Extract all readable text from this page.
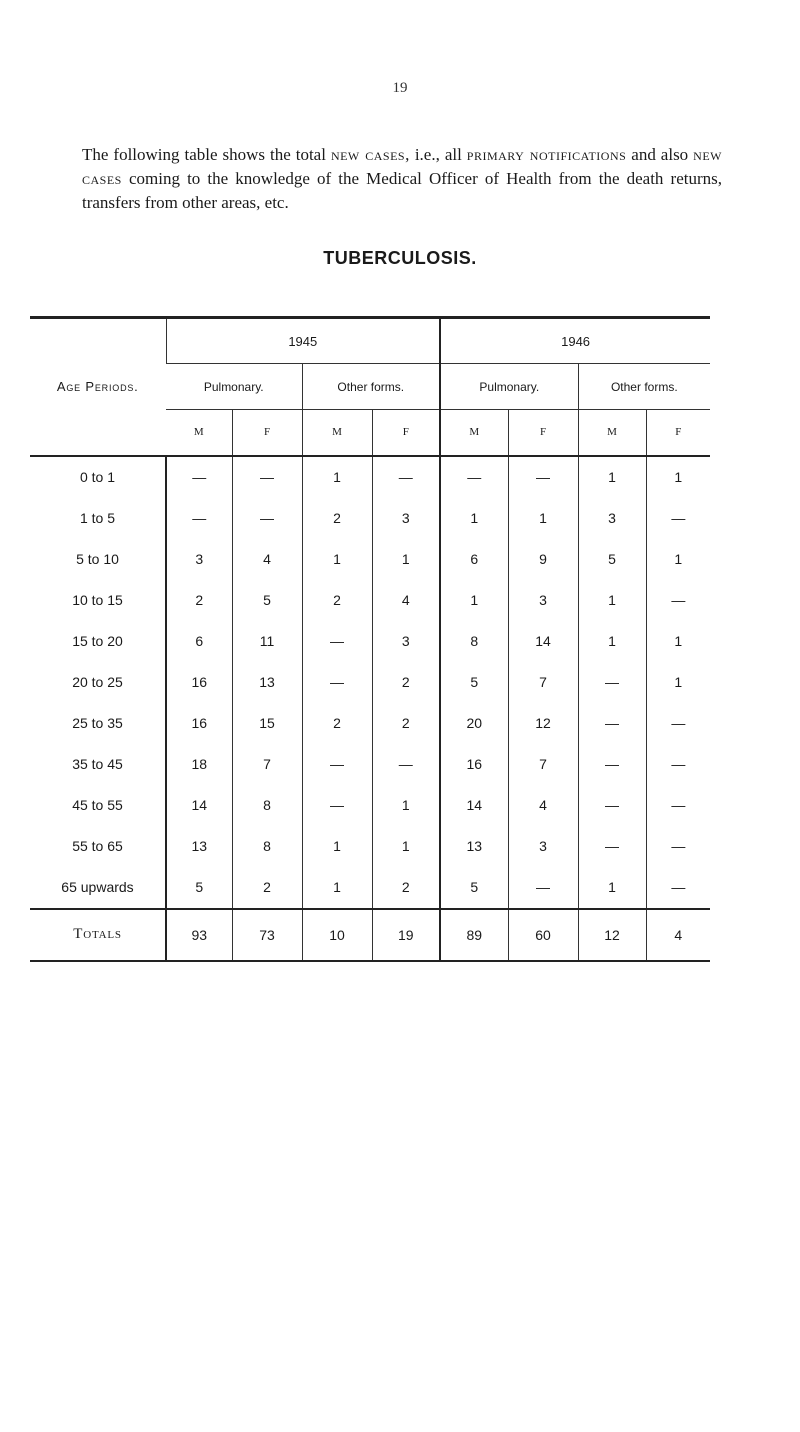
19

The following table shows the total new cases, i.e., all primary notifications and also new cases coming to the knowledge of the Medical Officer of Health from the death returns, transfers from other areas, etc.

TUBERCULOSIS.
Age Periods.	1945				1946			
	Pulmonary.		Other forms.		Pulmonary.		Other forms.	
	M	F	M	F	M	F	M	F
0 to 1	—	—	1	—	—	—	1	1
1 to 5	—	—	2	3	1	1	3	—
5 to 10	3	4	1	1	6	9	5	1
10 to 15	2	5	2	4	1	3	1	—
15 to 20	6	11	—	3	8	14	1	1
20 to 25	16	13	—	2	5	7	—	1
25 to 35	16	15	2	2	20	12	—	—
35 to 45	18	7	—	—	16	7	—	—
45 to 55	14	8	—	1	14	4	—	—
55 to 65	13	8	1	1	13	3	—	—
65 upwards	5	2	1	2	5	—	1	—
Totals	93	73	10	19	89	60	12	4
